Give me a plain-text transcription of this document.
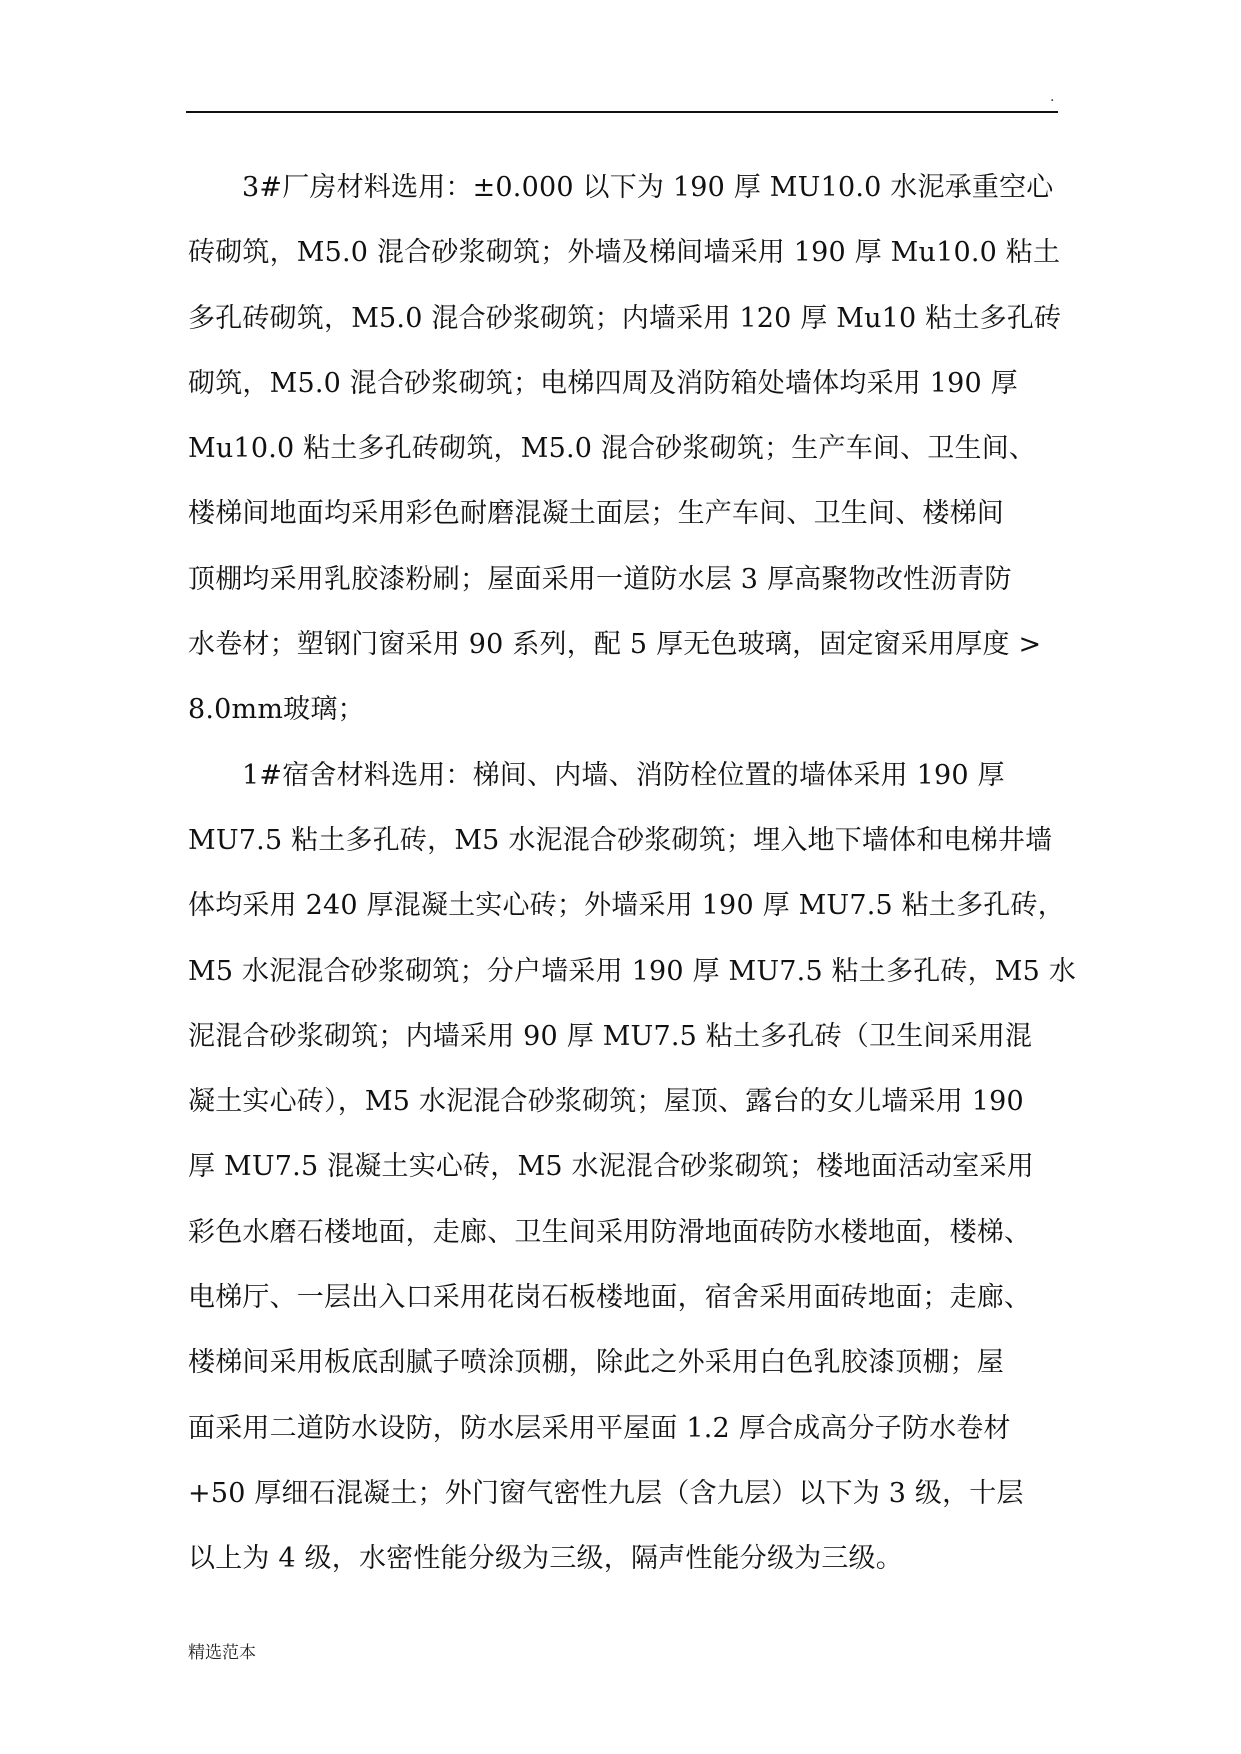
.
3#厂房材料选用：±0.000 以下为 190 厚 MU10.0 水泥承重空心
砖砌筑，M5.0 混合砂浆砌筑；外墙及梯间墙采用 190 厚 Mu10.0 粘土
多孔砖砌筑，M5.0 混合砂浆砌筑；内墙采用 120 厚 Mu10 粘土多孔砖
砌筑，M5.0 混合砂浆砌筑；电梯四周及消防箱处墙体均采用 190 厚
Mu10.0 粘土多孔砖砌筑，M5.0 混合砂浆砌筑；生产车间、卫生间、
楼梯间地面均采用彩色耐磨混凝土面层；生产车间、卫生间、楼梯间
顶棚均采用乳胶漆粉刷；屋面采用一道防水层 3 厚高聚物改性沥青防
水卷材；塑钢门窗采用 90 系列，配 5 厚无色玻璃，固定窗采用厚度 >
8.0mm玻璃；
1#宿舍材料选用：梯间、内墙、消防栓位置的墙体采用 190 厚
MU7.5 粘土多孔砖，M5 水泥混合砂浆砌筑；埋入地下墙体和电梯井墙
体均采用 240 厚混凝土实心砖；外墙采用 190 厚 MU7.5 粘土多孔砖，
M5 水泥混合砂浆砌筑；分户墙采用 190 厚 MU7.5 粘土多孔砖，M5 水
泥混合砂浆砌筑；内墙采用 90 厚 MU7.5 粘土多孔砖（卫生间采用混
凝土实心砖），M5 水泥混合砂浆砌筑；屋顶、露台的女儿墙采用 190
厚 MU7.5 混凝土实心砖，M5 水泥混合砂浆砌筑；楼地面活动室采用
彩色水磨石楼地面，走廊、卫生间采用防滑地面砖防水楼地面，楼梯、
电梯厅、一层出入口采用花岗石板楼地面，宿舍采用面砖地面；走廊、
楼梯间采用板底刮腻子喷涂顶棚，除此之外采用白色乳胶漆顶棚；屋
面采用二道防水设防，防水层采用平屋面 1.2 厚合成高分子防水卷材
+50 厚细石混凝土；外门窗气密性九层（含九层）以下为 3 级，十层
以上为 4 级，水密性能分级为三级，隔声性能分级为三级。
精选范本
